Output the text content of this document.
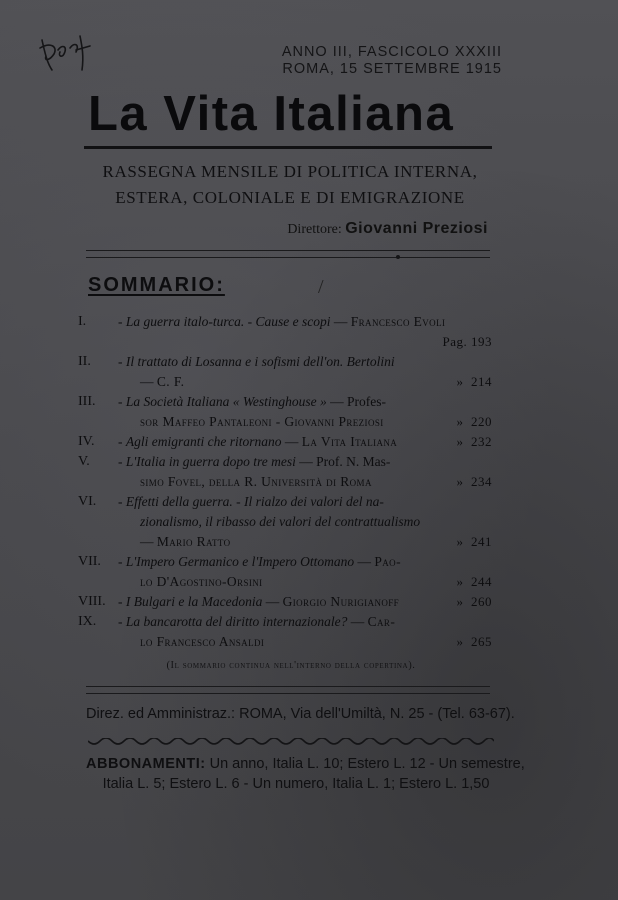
ANNO III, FASCICOLO XXXIII
ROMA, 15 SETTEMBRE 1915
La Vita Italiana
RASSEGNA MENSILE DI POLITICA INTERNA,
ESTERA, COLONIALE E DI EMIGRAZIONE
Direttore: Giovanni Preziosi
SOMMARIO:	/
I. - La guerra italo-turca. - Cause e scopi — Francesco Evoli
Pag. 193
II. - Il trattato di Losanna e i sofismi dell'on. Bertolini
— C. F.	» 214
III. - La Società Italiana « Westinghouse » — Profes-
sor Maffeo Pantaleoni - Giovanni Preziosi	» 220
IV. - Agli emigranti che ritornano — La Vita Italiana	» 232
V. - L'Italia in guerra dopo tre mesi — Prof. N. Mas-
simo Fovel, della R. Università di Roma	» 234
VI. - Effetti della guerra. - Il rialzo dei valori del na-
zionalismo, il ribasso dei valori del contrattualismo
— Mario Ratto	» 241
VII. - L'Impero Germanico e l'Impero Ottomano — Pao-
lo D'Agostino-Orsini	» 244
VIII. - I Bulgari e la Macedonia — Giorgio Nurigianoff	» 260
IX. - La bancarotta del diritto internazionale? — Car-
lo Francesco Ansaldi	» 265
(Il sommario continua nell'interno della copertina).
Direz. ed Amministraz.: ROMA, Via dell'Umiltà, N. 25 - (Tel. 63-67).
ABBONAMENTI: Un anno, Italia L. 10; Estero L. 12 - Un semestre,
Italia L. 5; Estero L. 6 - Un numero, Italia L. 1; Estero L. 1,50
